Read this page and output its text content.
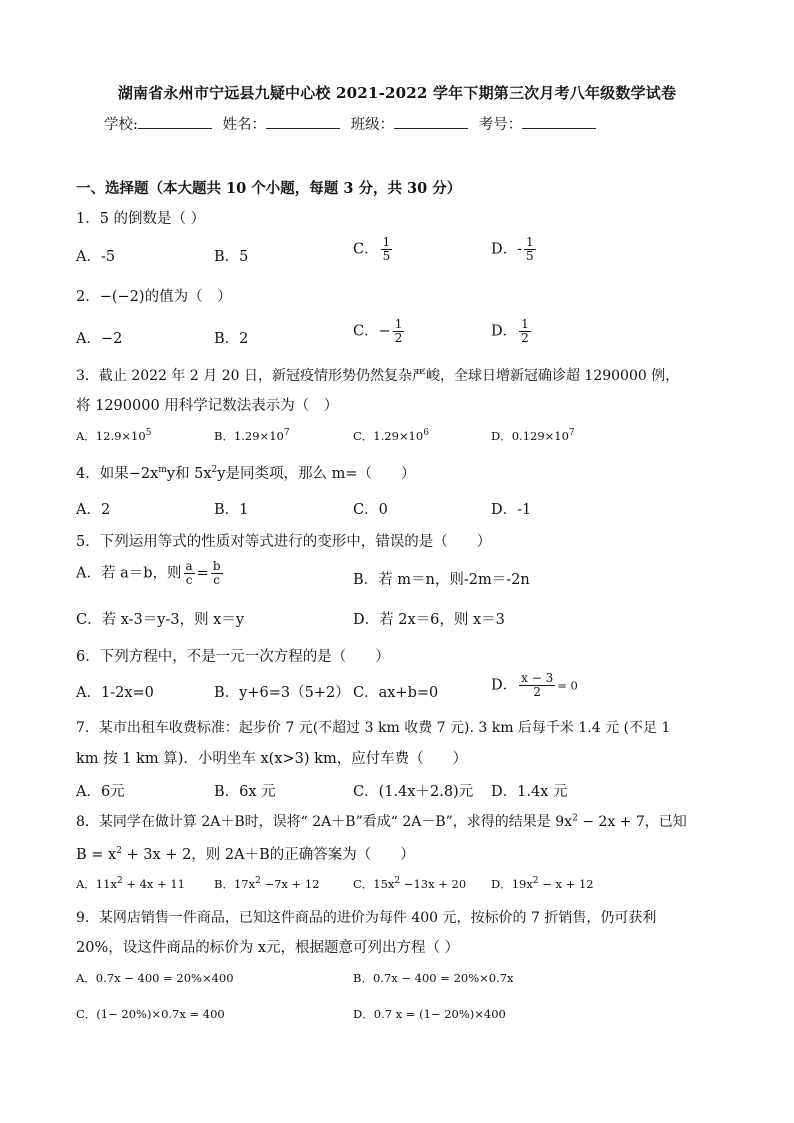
湖南省永州市宁远县九疑中心校 2021-2022 学年下期第三次月考八年级数学试卷
学校:	姓名：	班级：	考号：
一、选择题（本大题共 10 个小题，每题 3 分，共 30 分）
1．5 的倒数是（ ）
A．-5	B．5	C． $\frac{1}{5}$	D．- $\frac{1}{5}$
2．−(−2)的值为（　）
A．−2	B．2	C．− $\frac{1}{2}$	D． $\frac{1}{2}$
3．截止 2022 年 2 月 20 日，新冠疫情形势仍然复杂严峻，全球日增新冠确诊超 1290000 例，
将 1290000 用科学记数法表示为（　）
A．$12.9\times 10^5$	B．$1.29\times 10^7$	C．$1.29\times 10^6$	D．$0.129\times 10^7$
4．如果$-2x^my$和 $5x^2y$是同类项，那么 m=（　　）
A．2	B．1	C．0	D．-1
5．下列运用等式的性质对等式进行的变形中，错误的是（　　）
A．若 a＝b，则 $\frac{a}{c} = \frac{b}{c}$	B．若 m＝n，则-2m＝-2n
C．若 x-3＝y-3，则 x＝y	D．若 2x＝6，则 x＝3
6．下列方程中，不是一元一次方程的是（　　）
A．1-2x=0	B．y+6=3（5+2） C．ax+b=0	D． $\frac{x - 3}{2} = 0$
7．某市出租车收费标准：起步价 7 元(不超过 3 km 收费 7 元). 3 km 后每千米 1.4 元 (不足 1
km 按 1 km 算)．小明坐车 x(x>3) km，应付车费（　　）
A．6元	B．6x 元	C．(1.4x＋2.8)元 D．1.4x 元
8．某同学在做计算 2A＋B时，误将“ 2A＋B”看成“ 2A－B”，求得的结果是 $9x^2 - 2x + 7$，已知
$B = x^2 + 3x + 2$，则 2A＋B的正确答案为（　　）
A．$11x^2 + 4x + 11$	B．$17x^2 -7x + 12$	C．$15x^2 -13x + 20$ D．$19x^2 - x + 12$
9．某网店销售一件商品，已知这件商品的进价为每件 400 元，按标价的 7 折销售，仍可获利
20%，设这件商品的标价为 x元，根据题意可列出方程（ ）
A．0.7x − 400 = 20%×400	B．0.7x − 400 = 20%×0.7x
C．(1− 20%)×0.7x = 400	D．0.7 x = (1− 20%)×400
